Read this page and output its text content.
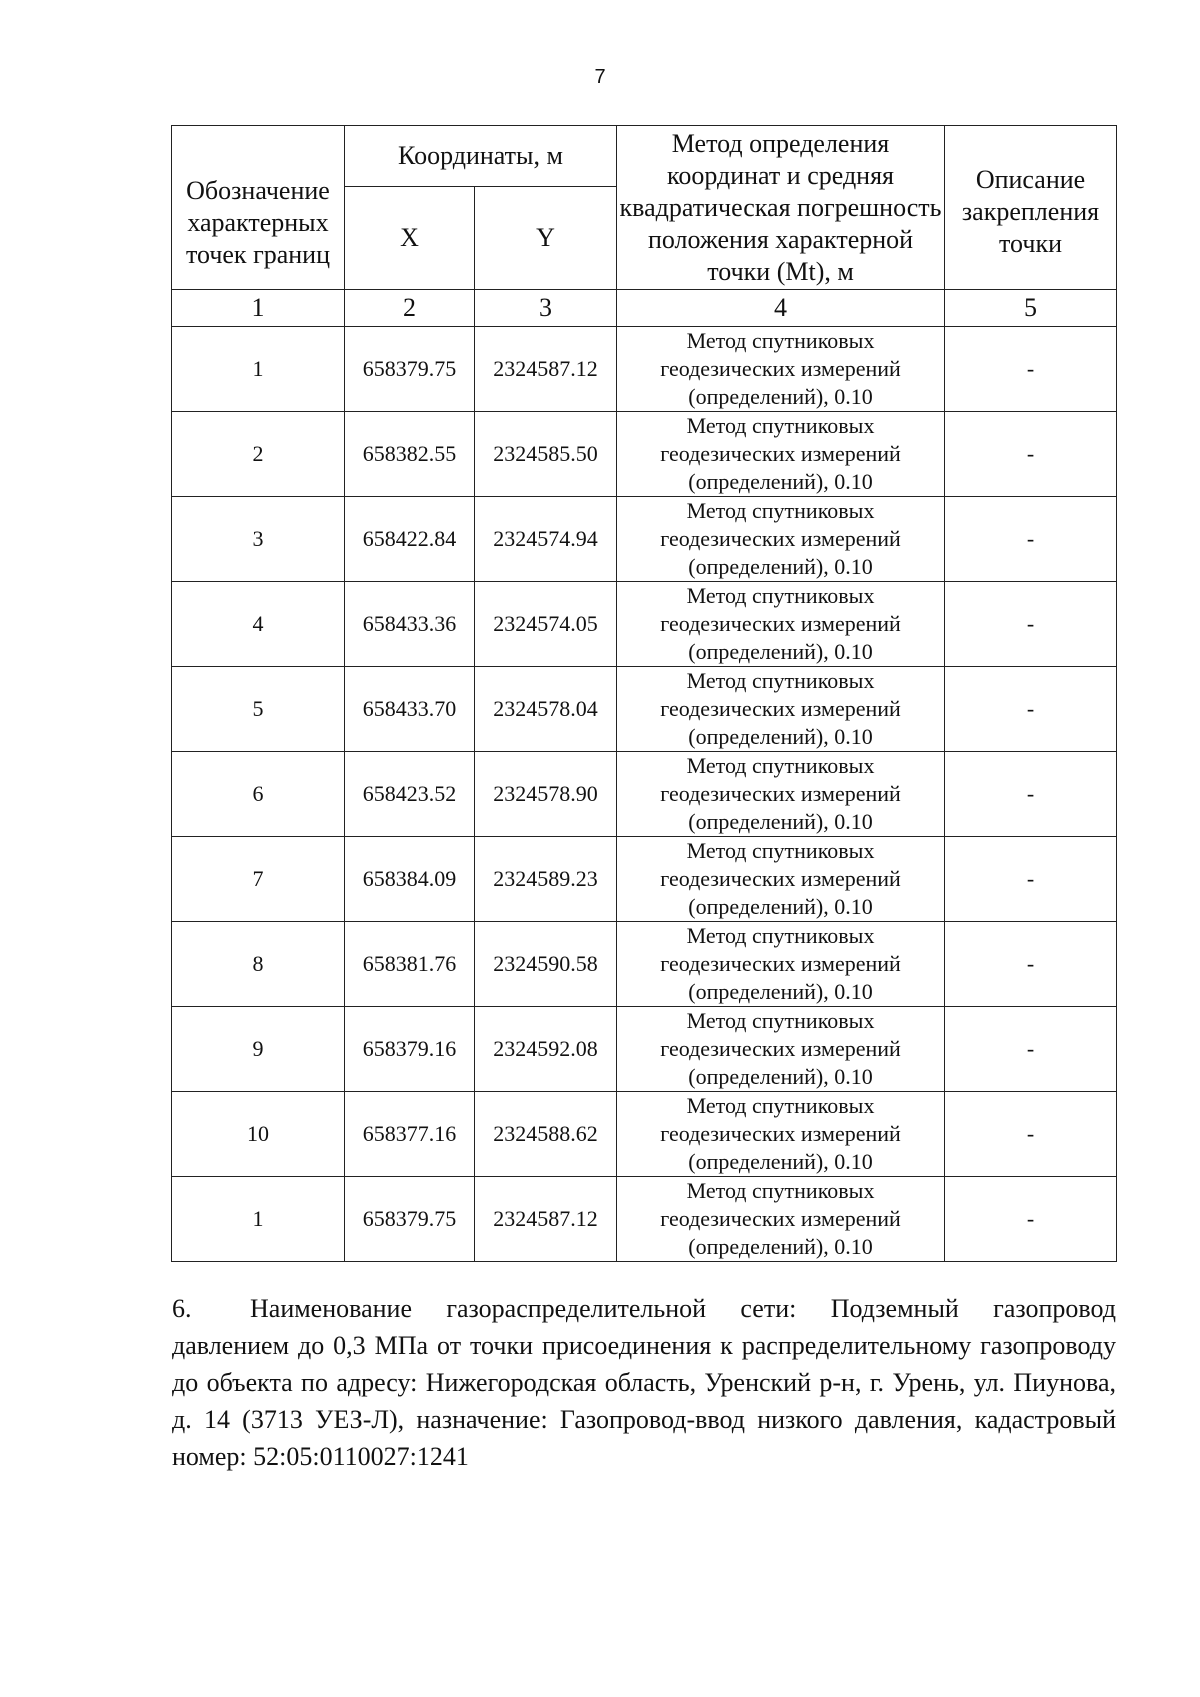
7
Обозначение характерных точек границ	Координаты, м		Метод определения координат и средняя квадратическая погрешность положения характерной точки (Mt), м	Описание закрепления точки
	X	Y		
1	2	3	4	5
1	658379.75	2324587.12	Метод спутниковых
геодезических измерений
(определений), 0.10	-
2	658382.55	2324585.50	Метод спутниковых
геодезических измерений
(определений), 0.10	-
3	658422.84	2324574.94	Метод спутниковых
геодезических измерений
(определений), 0.10	-
4	658433.36	2324574.05	Метод спутниковых
геодезических измерений
(определений), 0.10	-
5	658433.70	2324578.04	Метод спутниковых
геодезических измерений
(определений), 0.10	-
6	658423.52	2324578.90	Метод спутниковых
геодезических измерений
(определений), 0.10	-
7	658384.09	2324589.23	Метод спутниковых
геодезических измерений
(определений), 0.10	-
8	658381.76	2324590.58	Метод спутниковых
геодезических измерений
(определений), 0.10	-
9	658379.16	2324592.08	Метод спутниковых
геодезических измерений
(определений), 0.10	-
10	658377.16	2324588.62	Метод спутниковых
геодезических измерений
(определений), 0.10	-
1	658379.75	2324587.12	Метод спутниковых
геодезических измерений
(определений), 0.10	-
6. Наименование газораспределительной сети: Подземный газопровод давлением до 0,3 МПа от точки присоединения к распределительному газопроводу до объекта по адресу: Нижегородская область, Уренский р-н, г. Урень, ул. Пиунова, д. 14 (3713 УЕЗ-Л), назначение: Газопровод-ввод низкого давления, кадастровый номер: 52:05:0110027:1241
